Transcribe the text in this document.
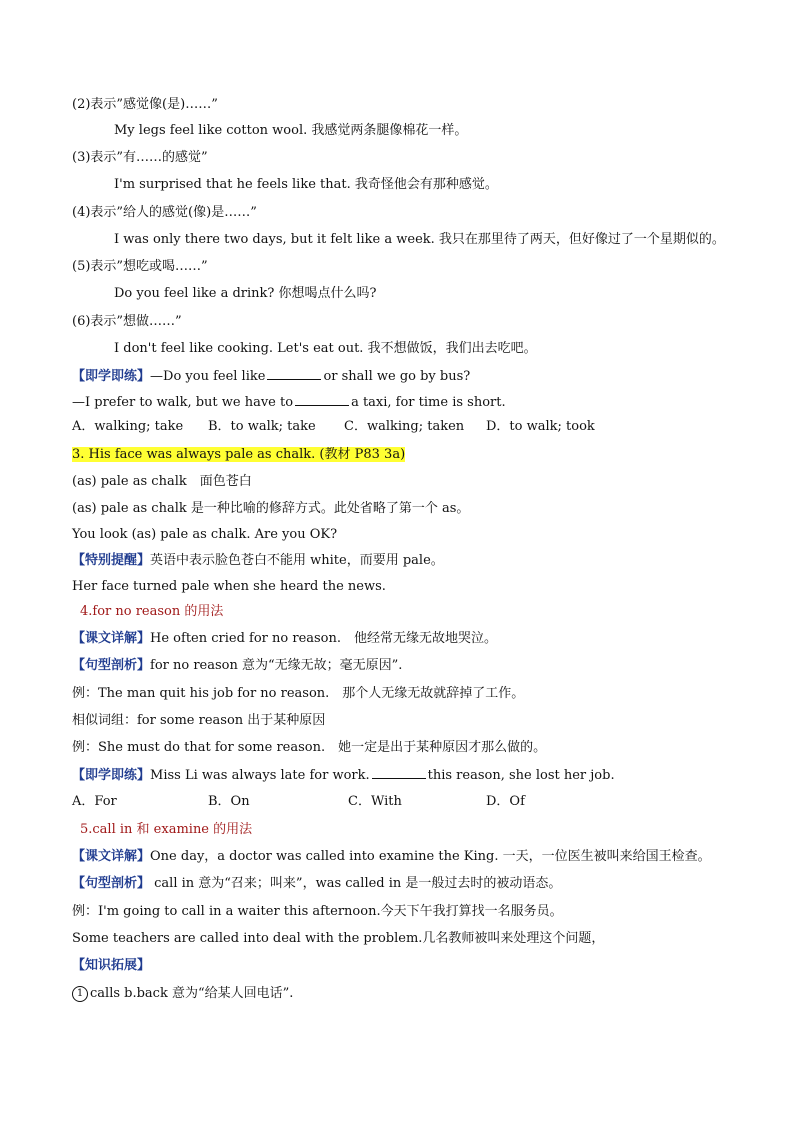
(2)表示”感觉像(是)……”
My legs feel like cotton wool. 我感觉两条腿像棉花一样。
(3)表示”有……的感觉”
I'm surprised that he feels like that. 我奇怪他会有那种感觉。
(4)表示”给人的感觉(像)是……”
I was only there two days, but it felt like a week. 我只在那里待了两天，但好像过了一个星期似的。
(5)表示”想吃或喝……”
Do you feel like a drink? 你想喝点什么吗?
(6)表示”想做……”
I don't feel like cooking. Let's eat out. 我不想做饭，我们出去吃吧。
【即学即练】—Do you feel like	or shall we go by bus?
—I prefer to walk, but we have to	a taxi, for time is short.
A．walking; take B．to walk; take C．walking; taken D．to walk; took
3. His face was always pale as chalk. (教材 P83 3a)
(as) pale as chalk　面色苍白
(as) pale as chalk 是一种比喻的修辞方式。此处省略了第一个 as。
You look (as) pale as chalk. Are you OK?
【特别提醒】英语中表示脸色苍白不能用 white，而要用 pale。
Her face turned pale when she heard the news.
4.for no reason 的用法
【课文详解】He often cried for no reason.　他经常无缘无故地哭泣。
【句型剖析】for no reason 意为“无缘无故；毫无原因”.
例：The man quit his job for no reason.　那个人无缘无故就辞掉了工作。
相似词组：for some reason 出于某种原因
例：She must do that for some reason.　她一定是出于某种原因才那么做的。
【即学即练】Miss Li was always late for work.	this reason, she lost her job.
A．For	B．On	C．With	D．Of
5.call in 和 examine 的用法
【课文详解】One day，a doctor was called into examine the King. 一天，一位医生被叫来给国王检查。
【句型剖析】 call in 意为“召来；叫来”，was called in 是一般过去时的被动语态。
例：I'm going to call in a waiter this afternoon.今天下午我打算找一名服务员。
Some teachers are called into deal with the problem.几名教师被叫来处理这个问题，
【知识拓展】
1 calls b.back 意为“给某人回电话”.
